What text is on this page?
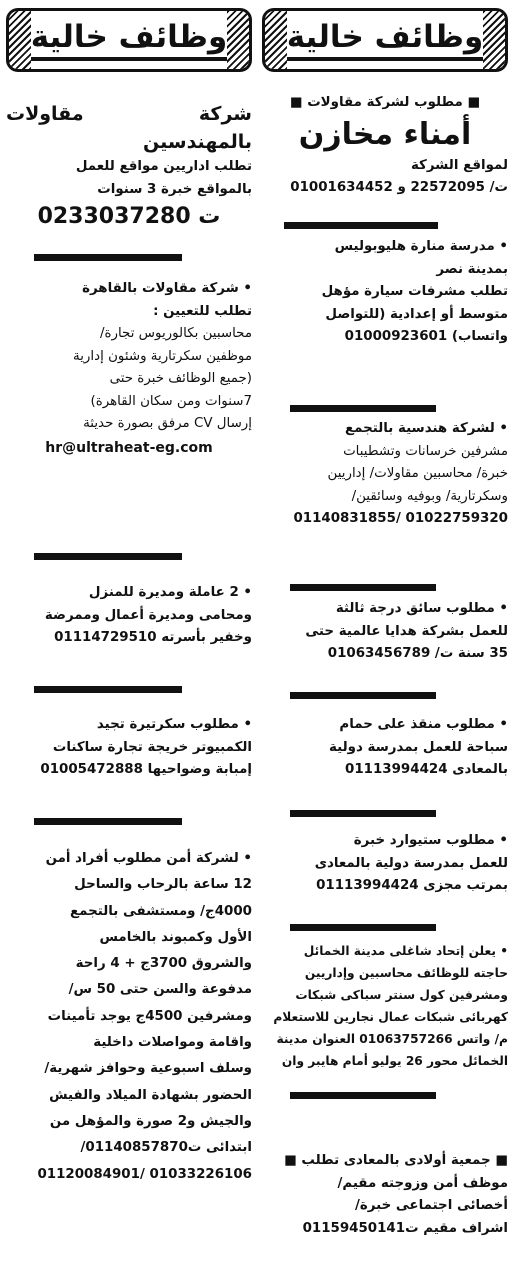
وظائف خالية

■ مطلوب لشركة مقاولات ■

أمناء مخازن

لمواقع الشركة

ت/ 22572095 و 01001634452

• مدرسة منارة هليوبوليس

بمدينة نصر

تطلب مشرفات سيارة مؤهل

متوسط أو إعدادية (للتواصل

واتساب) 01000923601

• لشركة هندسية بالتجمع

مشرفين خرسانات وتشطيبات

خبرة/ محاسبين مقاولات/ إداريين

وسكرتارية/ وبوفيه وسائقين/

01022759320 /01140831855

• مطلوب سائق درجة ثالثة

للعمل بشركة هدايا عالمية حتى

35 سنة ت/ 01063456789

• مطلوب منقذ على حمام

سباحة للعمل بمدرسة دولية

بالمعادى 01113994424

• مطلوب ستيوارد خبرة

للعمل بمدرسة دولية بالمعادى

بمرتب مجزى 01113994424

• يعلن إتحاد شاغلى مدينة الخمائل

حاجته للوظائف محاسبين وإداريين

ومشرفين كول سنتر سباكى شبكات

كهربائى شبكات عمال نجارين للاستعلام

م/ واتس 01063757266 العنوان مدينة

الخمائل محور 26 يوليو أمام هايبر وان

■ جمعية أولادى بالمعادى تطلب ■

موظف أمن وزوجته مقيم/

أخصائى اجتماعى خبرة/

اشراف مقيم ت01159450141

وظائف خالية

شركة مقاولات بالمهندسين

تطلب اداريين مواقع للعمل

بالمواقع خبرة 3 سنوات

ت 0233037280

• شركة مقاولات بالقاهرة

تطلب للتعيين :

محاسبين بكالوريوس تجارة/

موظفين سكرتارية وشئون إدارية

(جميع الوظائف خبرة حتى

7سنوات ومن سكان القاهرة)

إرسال CV مرفق بصورة حديثة

hr@ultraheat-eg.com

• 2 عاملة ومديرة للمنزل

ومحامى ومديرة أعمال وممرضة

وخفير بأسرته 01114729510

• مطلوب سكرتيرة تجيد

الكمبيوتر خريجة تجارة ساكنات

إمبابة وضواحيها 01005472888

• لشركة أمن مطلوب أفراد أمن

12 ساعة بالرحاب والساحل

4000ج/ ومستشفى بالتجمع

الأول وكمبوند بالخامس

والشروق 3700ج + 4 راحة

مدفوعة والسن حتى 50 س/

ومشرفين 4500ج يوجد تأمينات

واقامة ومواصلات داخلية

وسلف اسبوعية وحوافز شهرية/

الحضور بشهادة الميلاد والفيش

والجيش و2 صورة والمؤهل من

ابتدائى ت01140857870/

01033226106 /01120084901
